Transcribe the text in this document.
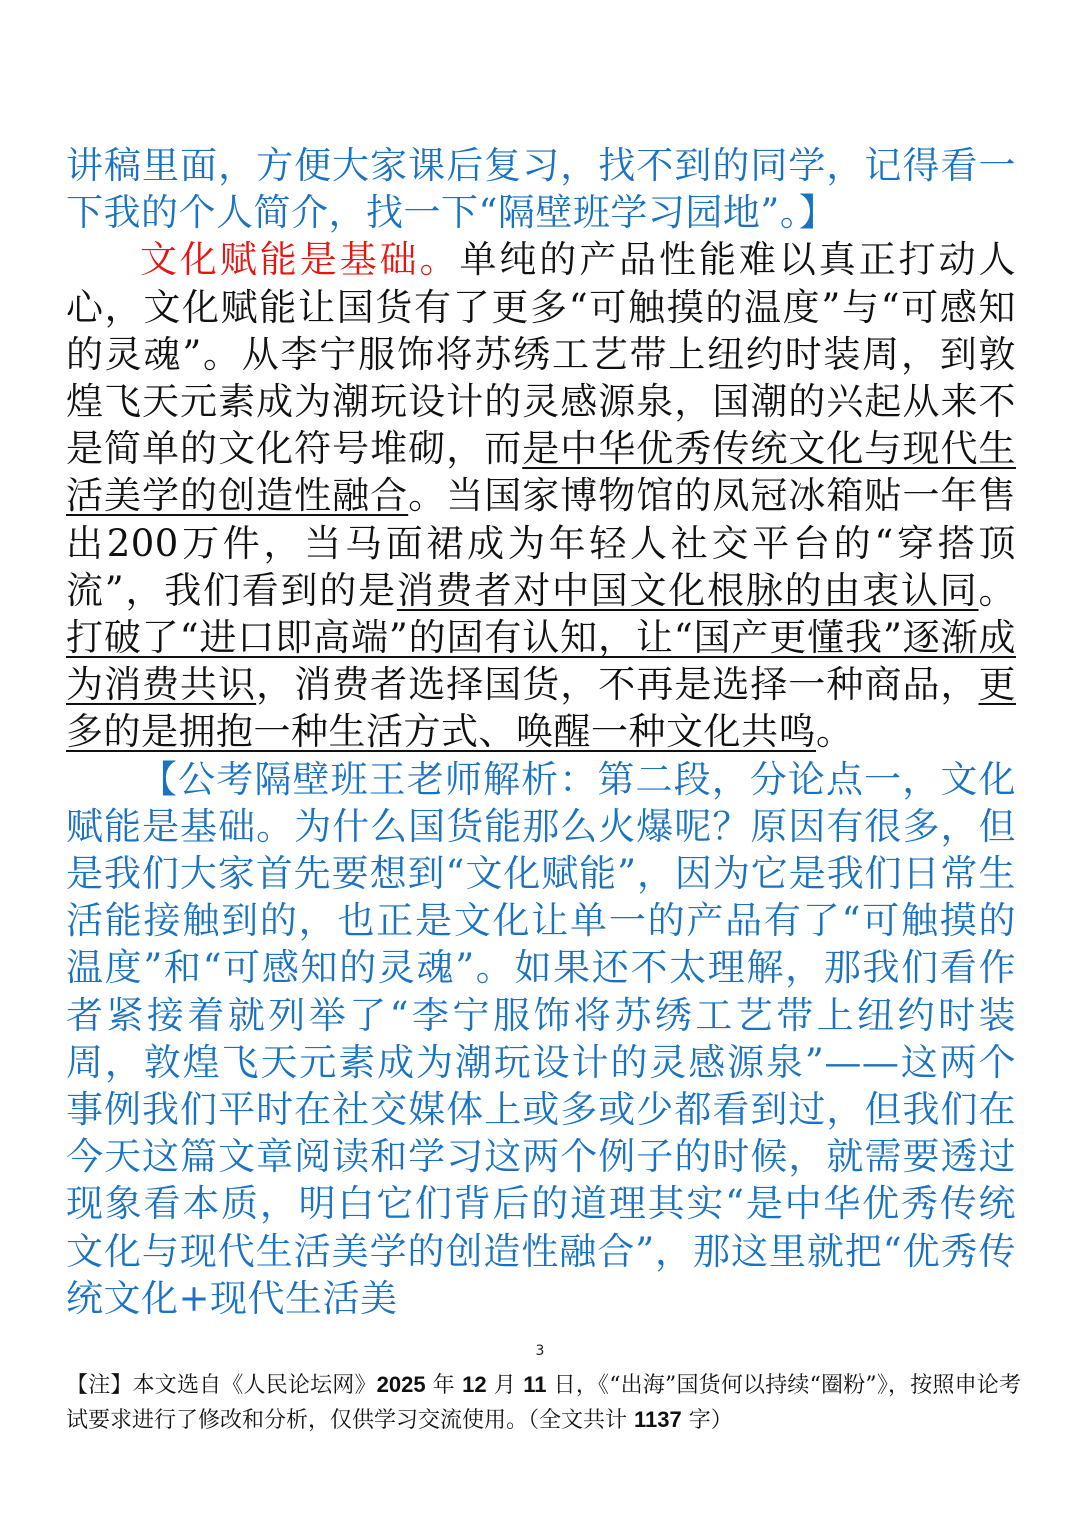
讲稿里面，方便大家课后复习，找不到的同学，记得看一下我的个人简介，找一下“隔壁班学习园地”。】

文化赋能是基础。单纯的产品性能难以真正打动人心，文化赋能让国货有了更多“可触摸的温度”与“可感知的灵魂”。从李宁服饰将苏绣工艺带上纽约时装周，到敦煌飞天元素成为潮玩设计的灵感源泉，国潮的兴起从来不是简单的文化符号堆砌，而是中华优秀传统文化与现代生活美学的创造性融合。当国家博物馆的凤冠冰箱贴一年售出200万件，当马面裙成为年轻人社交平台的“穿搭顶流”，我们看到的是消费者对中国文化根脉的由衷认同。打破了“进口即高端”的固有认知，让“国产更懂我”逐渐成为消费共识，消费者选择国货，不再是选择一种商品，更多的是拥抱一种生活方式、唤醒一种文化共鸣。

【公考隔壁班王老师解析：第二段，分论点一，文化赋能是基础。为什么国货能那么火爆呢？原因有很多，但是我们大家首先要想到“文化赋能”，因为它是我们日常生活能接触到的，也正是文化让单一的产品有了“可触摸的温度”和“可感知的灵魂”。如果还不太理解，那我们看作者紧接着就列举了“李宁服饰将苏绣工艺带上纽约时装周，敦煌飞天元素成为潮玩设计的灵感源泉”——这两个事例我们平时在社交媒体上或多或少都看到过，但我们在今天这篇文章阅读和学习这两个例子的时候，就需要透过现象看本质，明白它们背后的道理其实“是中华优秀传统文化与现代生活美学的创造性融合”，那这里就把“优秀传统文化+现代生活美

3
【注】本文选自《人民论坛网》2025 年 12 月 11 日，《“出海”国货何以持续“圈粉”》，按照申论考试要求进行了修改和分析，仅供学习交流使用。（全文共计 1137 字）
